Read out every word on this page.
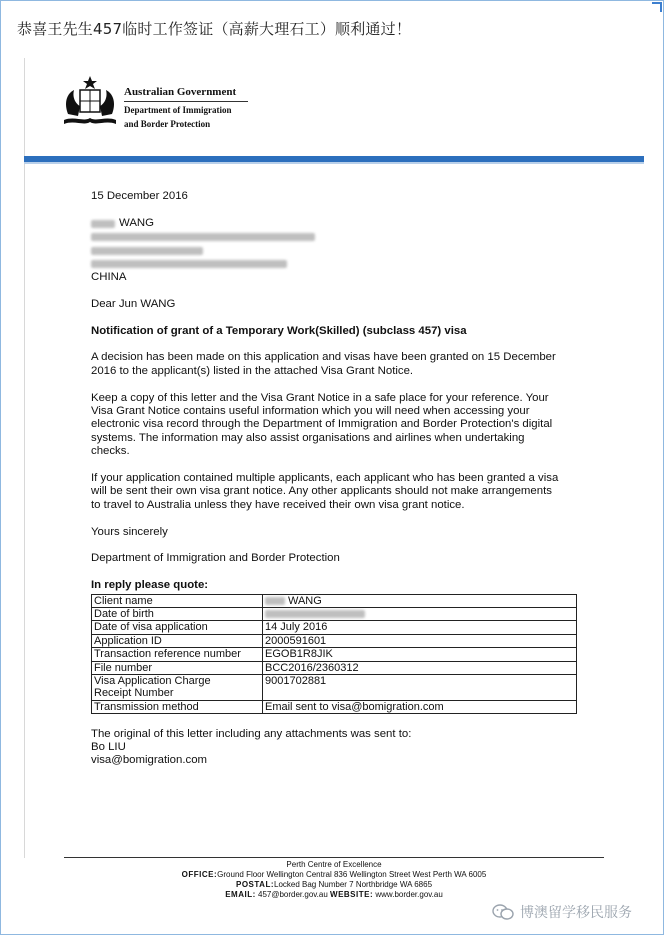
恭喜王先生457临时工作签证（高薪大理石工）顺利通过！
Australian Government
Department of Immigration
and Border Protection

15 December 2016

WANG

CHINA

Dear Jun WANG

Notification of grant of a Temporary Work(Skilled) (subclass 457) visa

A decision has been made on this application and visas have been granted on 15 December

2016 to the applicant(s) listed in the attached Visa Grant Notice.

Keep a copy of this letter and the Visa Grant Notice in a safe place for your reference. Your

Visa Grant Notice contains useful information which you will need when accessing your

electronic visa record through the Department of Immigration and Border Protection's digital

systems. The information may also assist organisations and airlines when undertaking

checks.

If your application contained multiple applicants, each applicant who has been granted a visa

will be sent their own visa grant notice. Any other applicants should not make arrangements

to travel to Australia unless they have received their own visa grant notice.

Yours sincerely

Department of Immigration and Border Protection

In reply please quote:

Client name	WANG
Date of birth	
Date of visa application	14 July 2016
Application ID	2000591601
Transaction reference number	EGOB1R8JIK
File number	BCC2016/2360312
Visa Application Charge
Receipt Number	9001702881
Transmission method	Email sent to visa@bomigration.com

The original of this letter including any attachments was sent to:

Bo LIU

visa@bomigration.com

Perth Centre of Excellence
OFFICE:Ground Floor Wellington Central 836 Wellington Street West Perth WA 6005
POSTAL:Locked Bag Number 7 Northbridge WA 6865
EMAIL: 457@border.gov.au WEBSITE: www.border.gov.au
博澳留学移民服务
